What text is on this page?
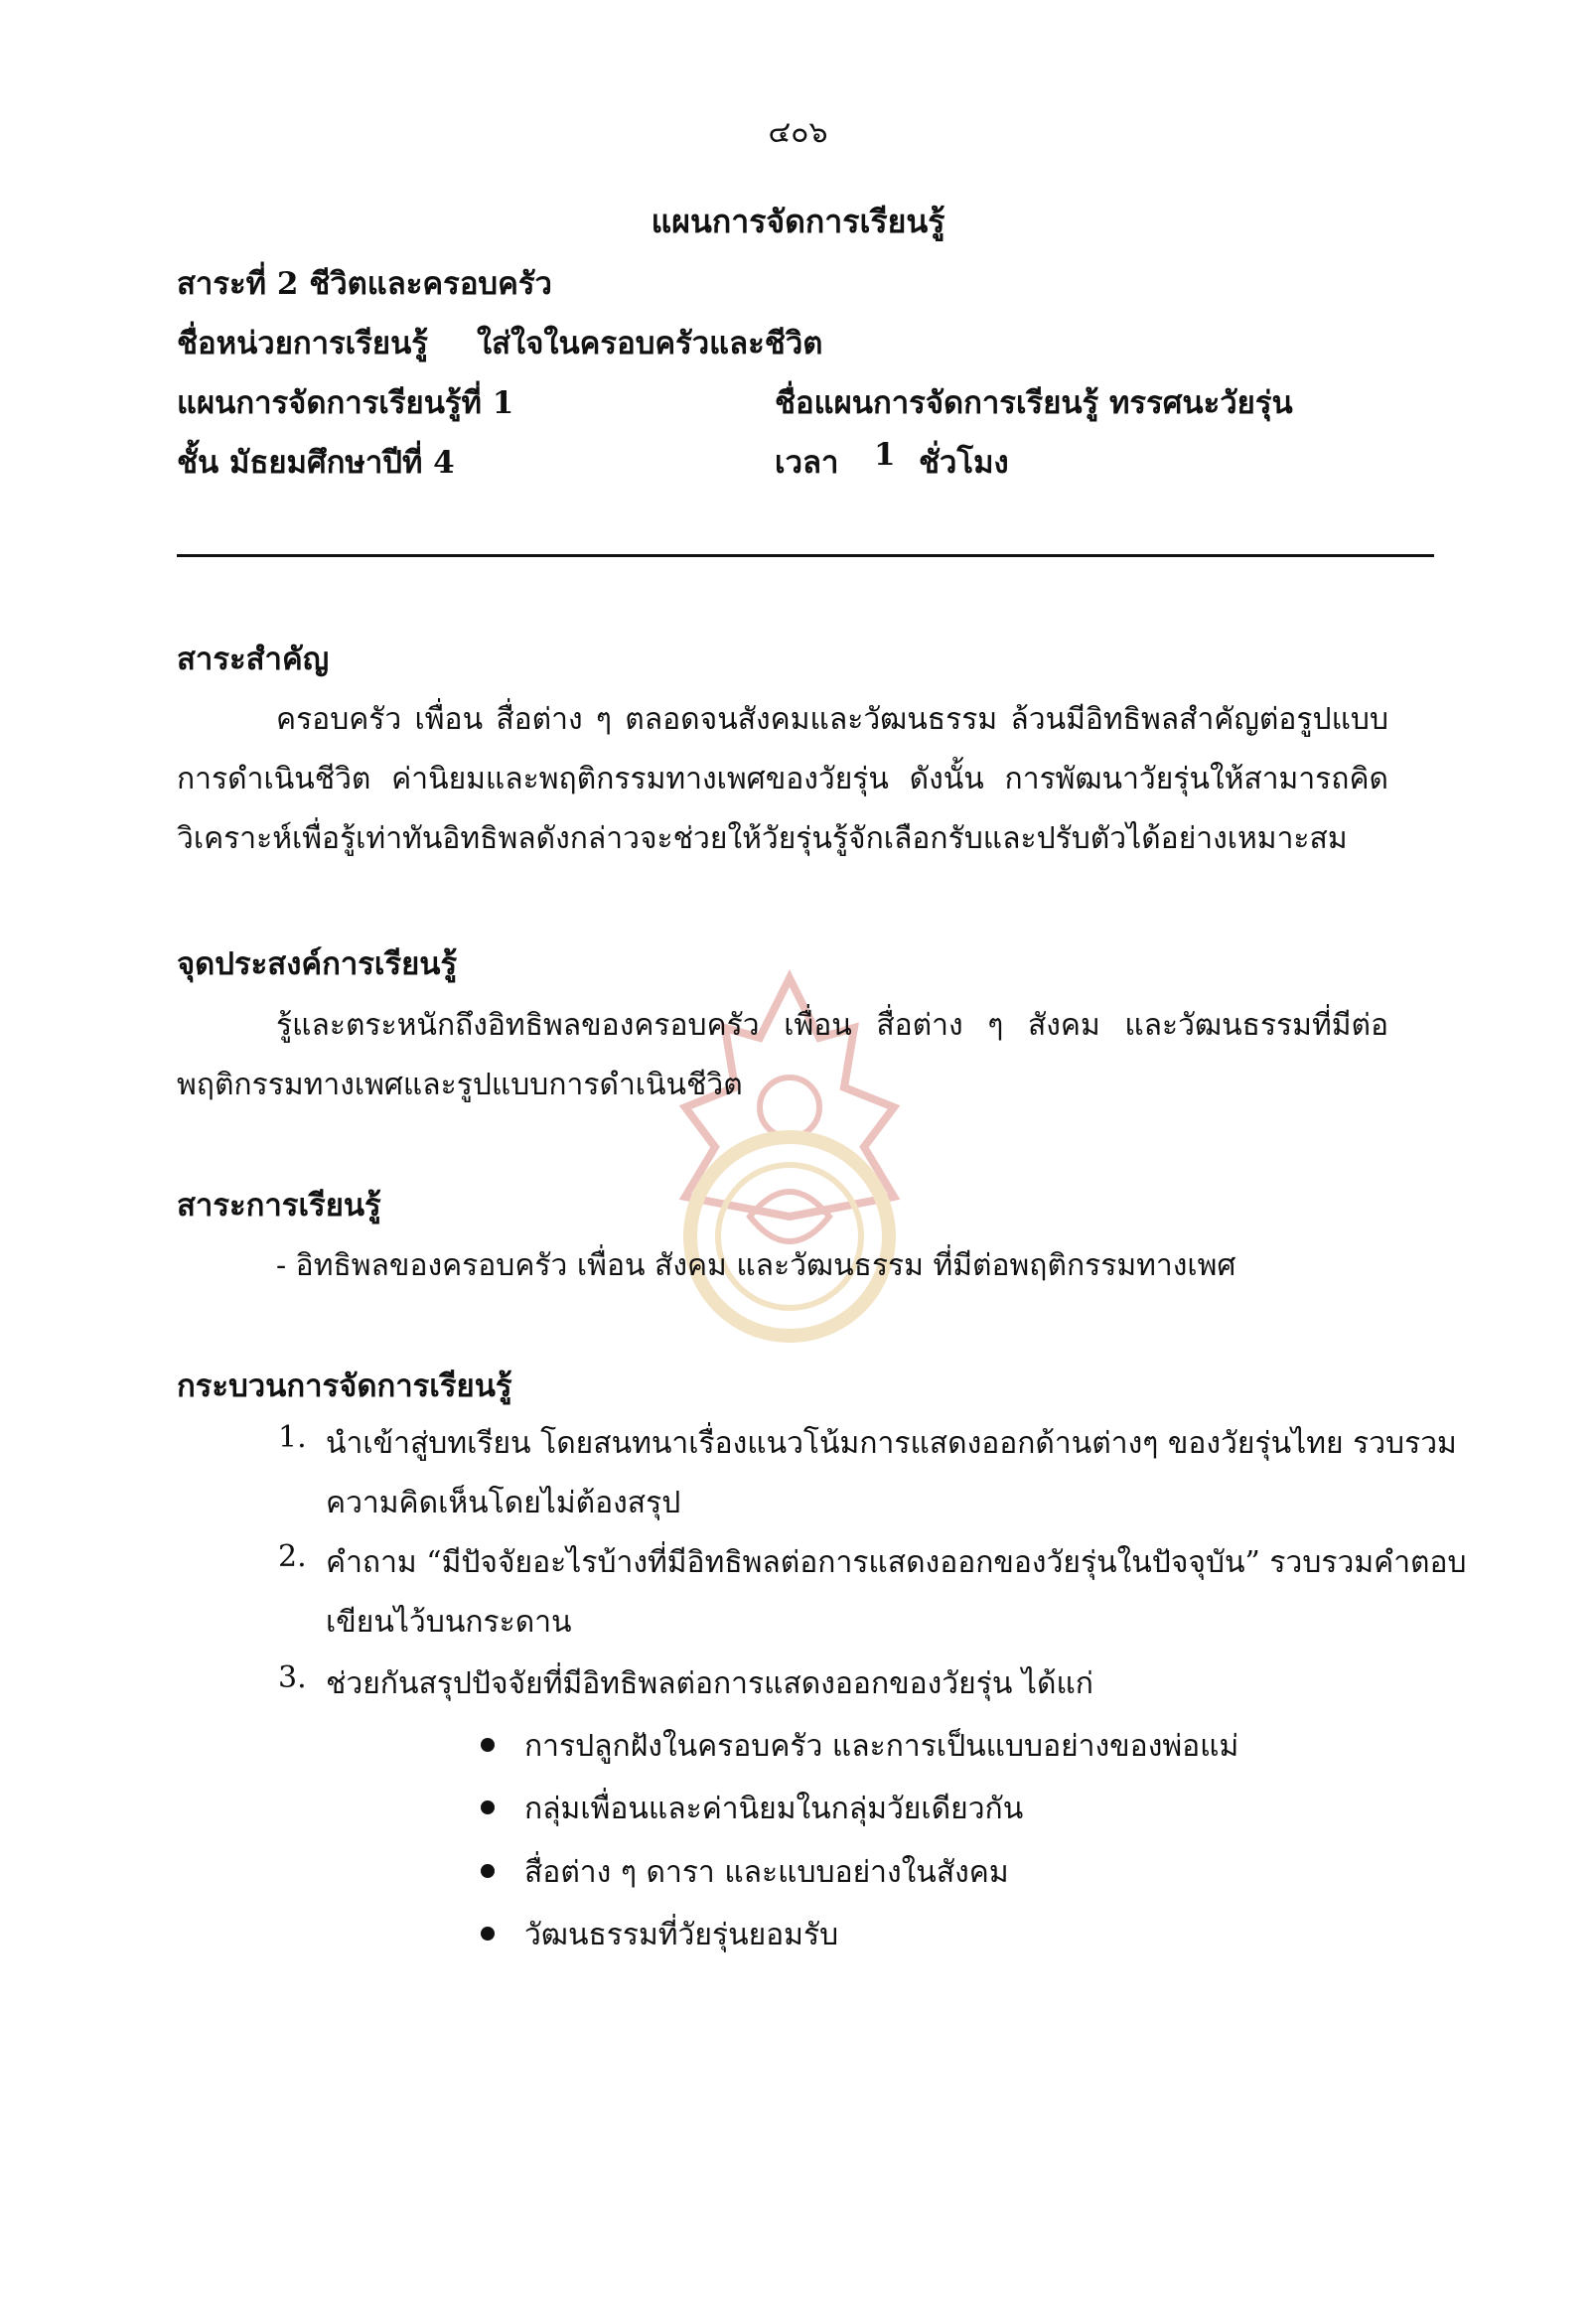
๔๐๖
แผนการจัดการเรียนรู้
สาระที่ 2 ชีวิตและครอบครัว
ชื่อหน่วยการเรียนรู้ ใส่ใจในครอบครัวและชีวิต
แผนการจัดการเรียนรู้ที่ 1	ชื่อแผนการจัดการเรียนรู้ ทรรศนะวัยรุ่น
ชั้น มัธยมศึกษาปีที่ 4	เวลา 1 ชั่วโมง
สาระสำคัญ
ครอบครัว เพื่อน สื่อต่าง ๆ ตลอดจนสังคมและวัฒนธรรม ล้วนมีอิทธิพลสำคัญต่อรูปแบบการดำเนินชีวิต ค่านิยมและพฤติกรรมทางเพศของวัยรุ่น ดังนั้น การพัฒนาวัยรุ่นให้สามารถคิดวิเคราะห์เพื่อรู้เท่าทันอิทธิพลดังกล่าวจะช่วยให้วัยรุ่นรู้จักเลือกรับและปรับตัวได้อย่างเหมาะสม
จุดประสงค์การเรียนรู้
รู้และตระหนักถึงอิทธิพลของครอบครัว เพื่อน สื่อต่าง ๆ สังคม และวัฒนธรรมที่มีต่อพฤติกรรมทางเพศและรูปแบบการดำเนินชีวิต
สาระการเรียนรู้
- อิทธิพลของครอบครัว เพื่อน สังคม และวัฒนธรรม ที่มีต่อพฤติกรรมทางเพศ
กระบวนการจัดการเรียนรู้
1. นำเข้าสู่บทเรียน โดยสนทนาเรื่องแนวโน้มการแสดงออกด้านต่างๆ ของวัยรุ่นไทย รวบรวม
ความคิดเห็นโดยไม่ต้องสรุป
2. คำถาม “มีปัจจัยอะไรบ้างที่มีอิทธิพลต่อการแสดงออกของวัยรุ่นในปัจจุบัน” รวบรวมคำตอบ
เขียนไว้บนกระดาน
3. ช่วยกันสรุปปัจจัยที่มีอิทธิพลต่อการแสดงออกของวัยรุ่น ได้แก่
การปลูกฝังในครอบครัว และการเป็นแบบอย่างของพ่อแม่
กลุ่มเพื่อนและค่านิยมในกลุ่มวัยเดียวกัน
สื่อต่าง ๆ ดารา และแบบอย่างในสังคม
วัฒนธรรมที่วัยรุ่นยอมรับ
